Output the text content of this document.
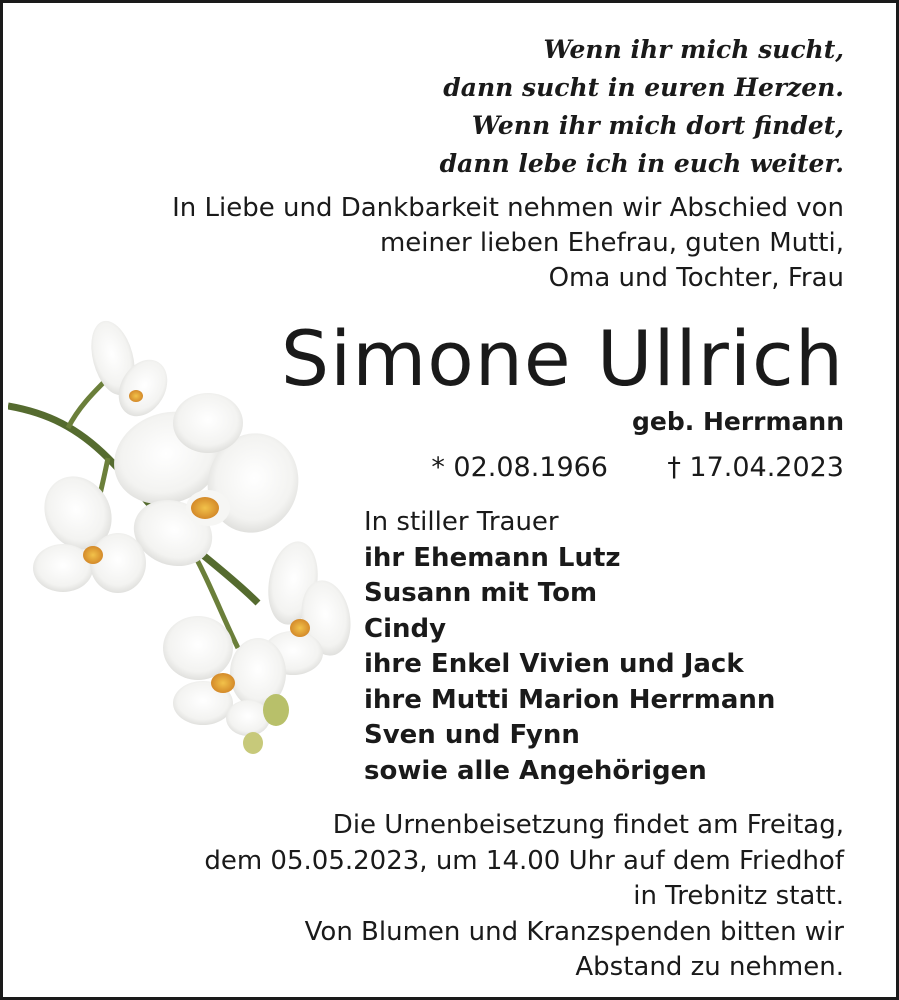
Wenn ihr mich sucht,
dann sucht in euren Herzen.
Wenn ihr mich dort findet,
dann lebe ich in euch weiter.
In Liebe und Dankbarkeit nehmen wir Abschied von
meiner lieben Ehefrau, guten Mutti,
Oma und Tochter, Frau
Simone Ullrich
geb. Herrmann
* 02.08.1966 † 17.04.2023
In stiller Trauer
ihr Ehemann Lutz
Susann mit Tom
Cindy
ihre Enkel Vivien und Jack
ihre Mutti Marion Herrmann
Sven und Fynn
sowie alle Angehörigen
Die Urnenbeisetzung findet am Freitag,
dem 05.05.2023, um 14.00 Uhr auf dem Friedhof
in Trebnitz statt.
Von Blumen und Kranzspenden bitten wir
Abstand zu nehmen.
